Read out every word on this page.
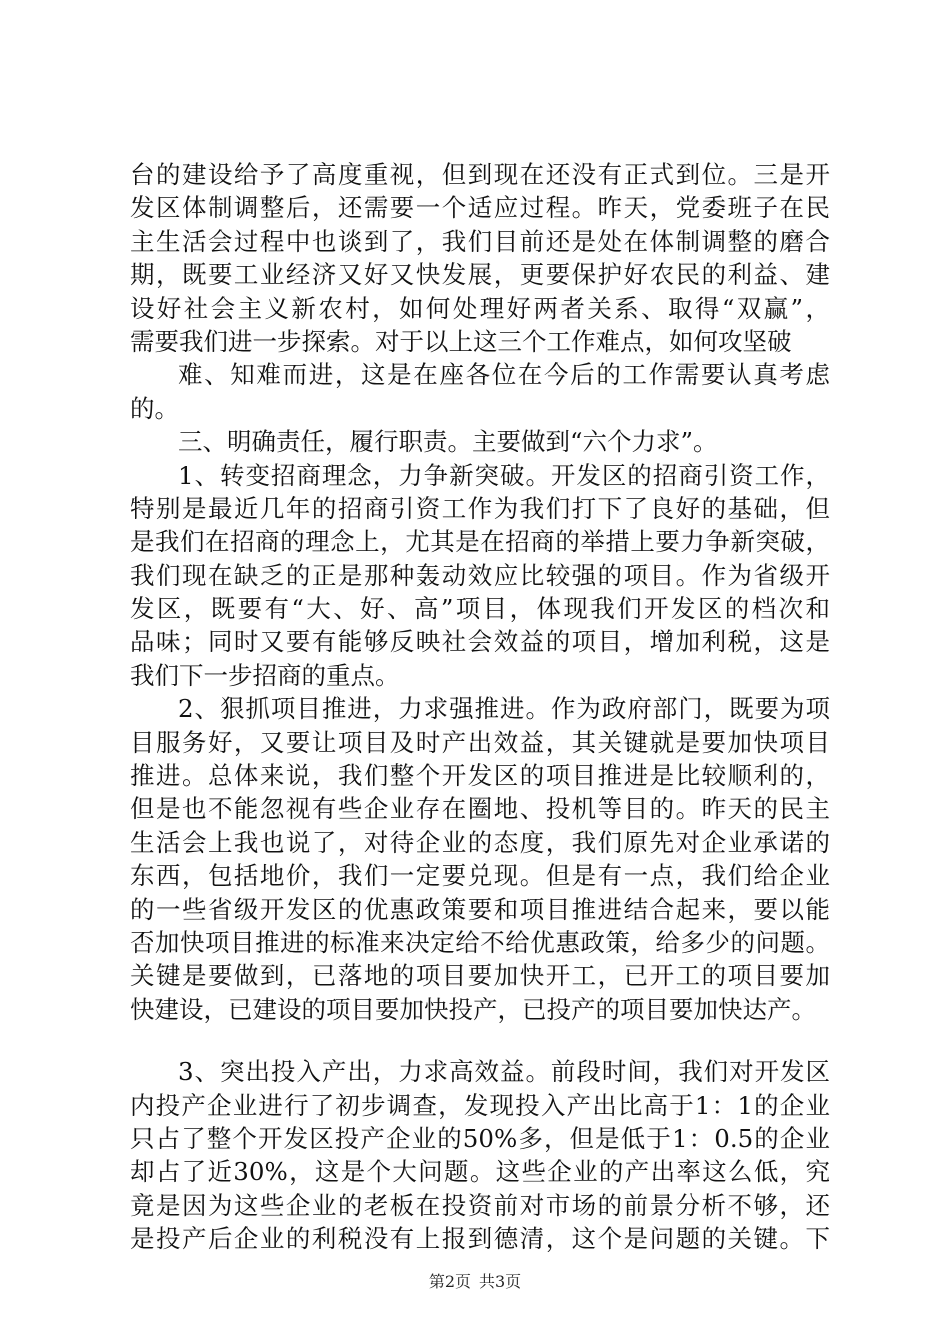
台的建设给予了高度重视，但到现在还没有正式到位。三是开
发区体制调整后，还需要一个适应过程。昨天，党委班子在民
主生活会过程中也谈到了，我们目前还是处在体制调整的磨合
期，既要工业经济又好又快发展，更要保护好农民的利益、建
设好社会主义新农村，如何处理好两者关系、取得“双赢”，
需要我们进一步探索。对于以上这三个工作难点，如何攻坚破
难、知难而进，这是在座各位在今后的工作需要认真考虑
的。
三、明确责任，履行职责。主要做到“六个力求”。
1、转变招商理念，力争新突破。开发区的招商引资工作，
特别是最近几年的招商引资工作为我们打下了良好的基础，但
是我们在招商的理念上，尤其是在招商的举措上要力争新突破，
我们现在缺乏的正是那种轰动效应比较强的项目。作为省级开
发区，既要有“大、好、高”项目，体现我们开发区的档次和
品味；同时又要有能够反映社会效益的项目，增加利税，这是
我们下一步招商的重点。
2、狠抓项目推进，力求强推进。作为政府部门，既要为项
目服务好，又要让项目及时产出效益，其关键就是要加快项目
推进。总体来说，我们整个开发区的项目推进是比较顺利的，
但是也不能忽视有些企业存在圈地、投机等目的。昨天的民主
生活会上我也说了，对待企业的态度，我们原先对企业承诺的
东西，包括地价，我们一定要兑现。但是有一点，我们给企业
的一些省级开发区的优惠政策要和项目推进结合起来，要以能
否加快项目推进的标准来决定给不给优惠政策，给多少的问题。
关键是要做到，已落地的项目要加快开工，已开工的项目要加
快建设，已建设的项目要加快投产，已投产的项目要加快达产。
3、突出投入产出，力求高效益。前段时间，我们对开发区
内投产企业进行了初步调查，发现投入产出比高于1：1的企业
只占了整个开发区投产企业的50%多，但是低于1：0.5的企业
却占了近30%，这是个大问题。这些企业的产出率这么低，究
竟是因为这些企业的老板在投资前对市场的前景分析不够，还
是投产后企业的利税没有上报到德清，这个是问题的关键。下
第2页 共3页
